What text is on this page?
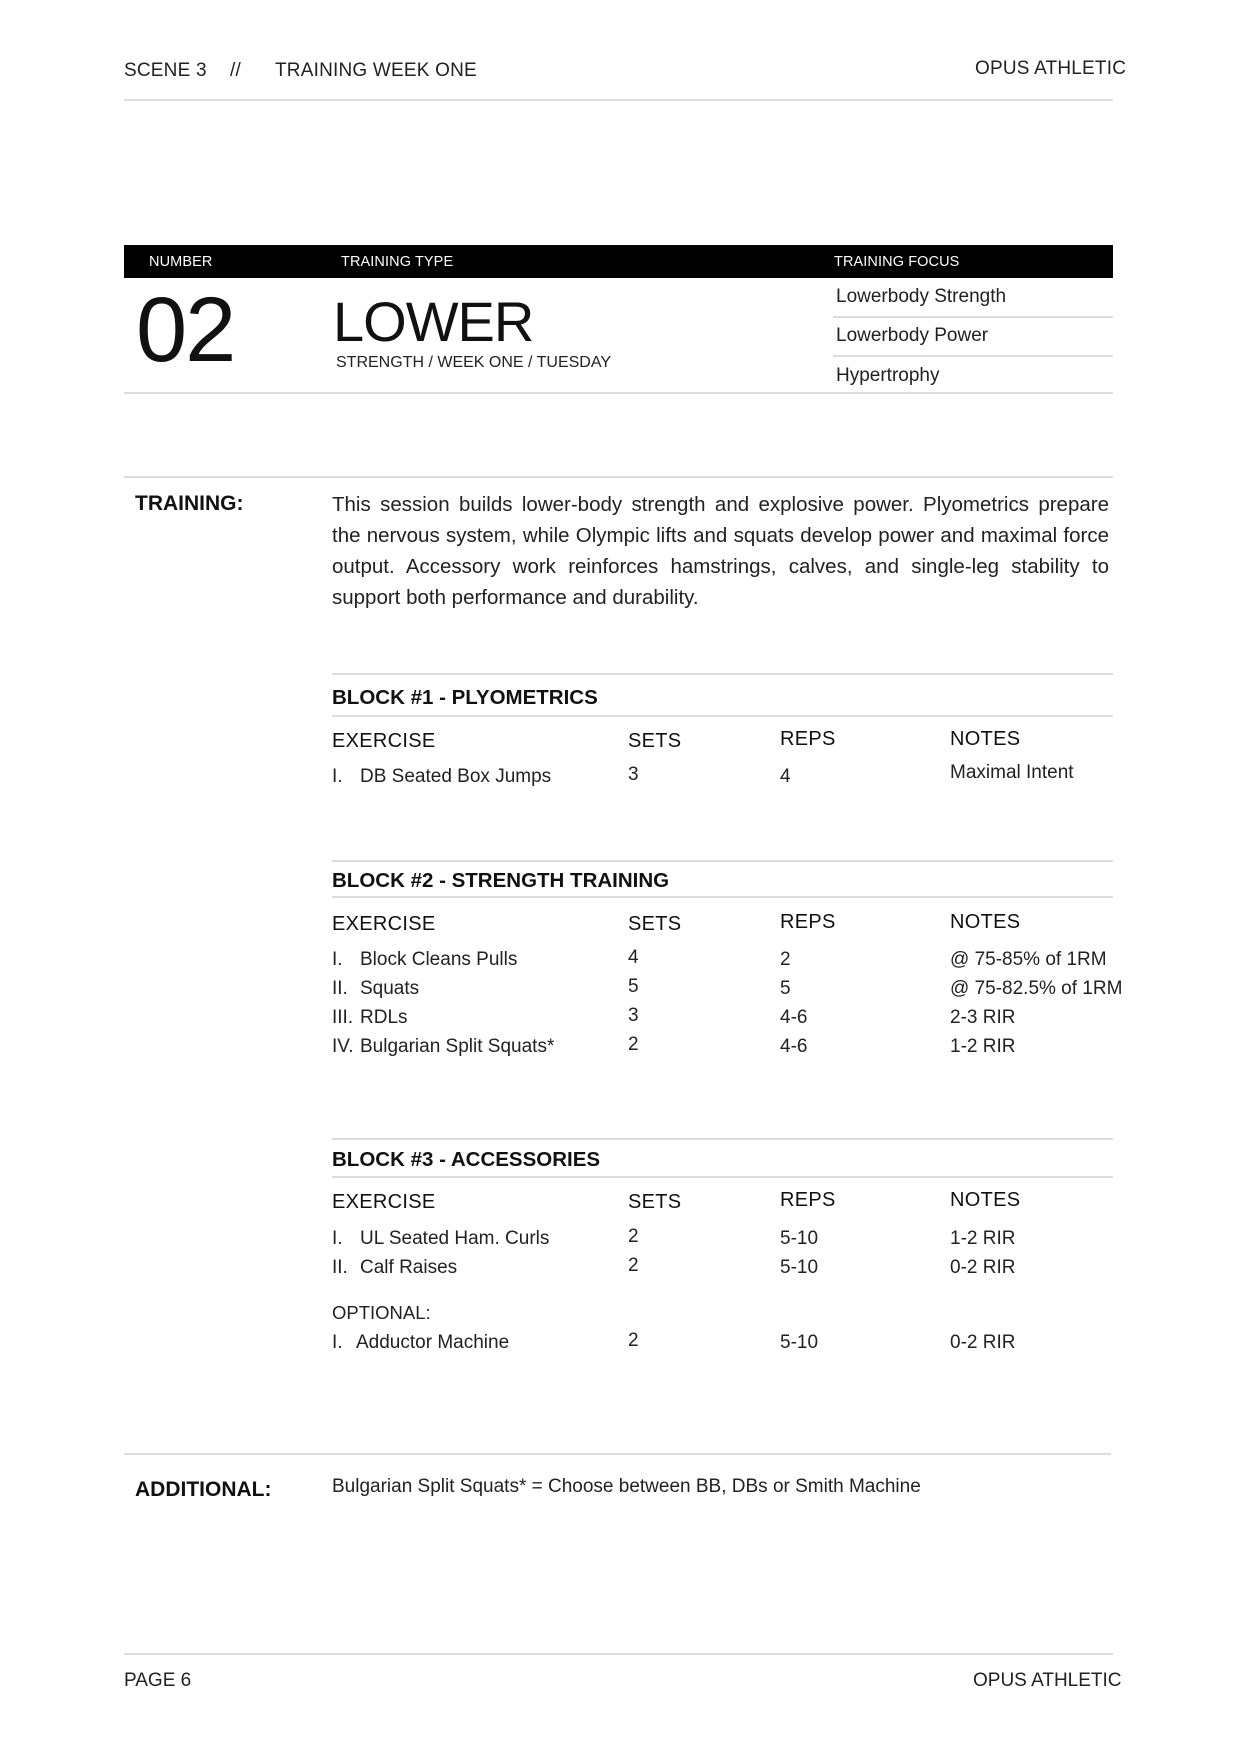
SCENE 3 // TRAINING WEEK ONE	OPUS ATHLETIC
NUMBER	TRAINING TYPE	TRAINING FOCUS
02 LOWER
STRENGTH / WEEK ONE / TUESDAY
Lowerbody Strength
Lowerbody Power
Hypertrophy
TRAINING:	This session builds lower-body strength and explosive power. Plyometrics prepare the nervous system, while Olympic lifts and squats develop power and maximal force output. Accessory work reinforces hamstrings, calves, and single-leg stability to support both performance and durability.
BLOCK #1 - PLYOMETRICS
EXERCISE	SETS	REPS	NOTES
I. DB Seated Box Jumps	3	4	Maximal Intent
BLOCK #2 - STRENGTH TRAINING
EXERCISE	SETS	REPS	NOTES
I. Block Cleans Pulls	4	2	@ 75-85% of 1RM
II. Squats	5	5	@ 75-82.5% of 1RM
III. RDLs	3	4-6	2-3 RIR
IV. Bulgarian Split Squats*	2	4-6	1-2 RIR
BLOCK #3 - ACCESSORIES
EXERCISE	SETS	REPS	NOTES
I. UL Seated Ham. Curls	2	5-10	1-2 RIR
II. Calf Raises	2	5-10	0-2 RIR
OPTIONAL:
I. Adductor Machine	2	5-10	0-2 RIR
ADDITIONAL:	Bulgarian Split Squats* = Choose between BB, DBs or Smith Machine
PAGE 6	OPUS ATHLETIC
